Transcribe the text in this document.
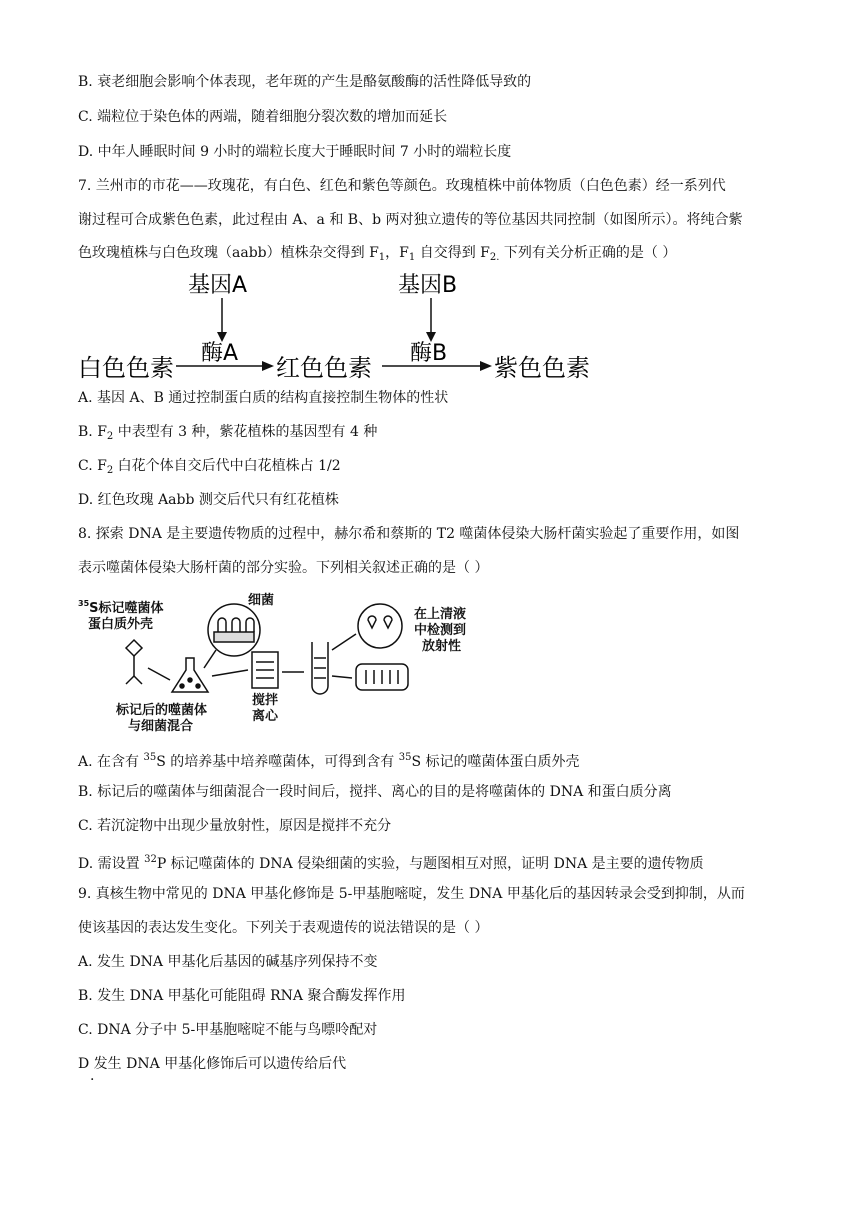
B. 衰老细胞会影响个体表现，老年斑的产生是酪氨酸酶的活性降低导致的
C. 端粒位于染色体的两端，随着细胞分裂次数的增加而延长
D. 中年人睡眠时间 9 小时的端粒长度大于睡眠时间 7 小时的端粒长度
7. 兰州市的市花——玫瑰花，有白色、红色和紫色等颜色。玫瑰植株中前体物质（白色色素）经一系列代
谢过程可合成紫色色素，此过程由 A、a 和 B、b 两对独立遗传的等位基因共同控制（如图所示）。将纯合紫
色玫瑰植株与白色玫瑰（aabb）植株杂交得到 $F_1$，$F_1$ 自交得到 $F_{2.}$ 下列有关分析正确的是（ ）
基因A	基因B
酶A	酶B
白色色素	红色色素	紫色色素
A. 基因 A、B 通过控制蛋白质的结构直接控制生物体的性状
B. $F_2$ 中表型有 3 种，紫花植株的基因型有 4 种
C. $F_2$ 白花个体自交后代中白花植株占 1/2
D. 红色玫瑰 Aabb 测交后代只有红花植株
8. 探索 DNA 是主要遗传物质的过程中，赫尔希和蔡斯的 T2 噬菌体侵染大肠杆菌实验起了重要作用，如图
表示噬菌体侵染大肠杆菌的部分实验。下列相关叙述正确的是（ ）
$^{35}$S标记噬菌体
蛋白质外壳
细菌
标记后的噬菌体
与细菌混合
搅拌
离心
在上清液
中检测到
放射性
A. 在含有 $^{35}$S 的培养基中培养噬菌体，可得到含有 $^{35}$S 标记的噬菌体蛋白质外壳
B. 标记后的噬菌体与细菌混合一段时间后，搅拌、离心的目的是将噬菌体的 DNA 和蛋白质分离
C. 若沉淀物中出现少量放射性，原因是搅拌不充分
D. 需设置 $^{32}$P 标记噬菌体的 DNA 侵染细菌的实验，与题图相互对照，证明 DNA 是主要的遗传物质
9. 真核生物中常见的 DNA 甲基化修饰是 5-甲基胞嘧啶，发生 DNA 甲基化后的基因转录会受到抑制，从而
使该基因的表达发生变化。下列关于表观遗传的说法错误的是（ ）
A. 发生 DNA 甲基化后基因的碱基序列保持不变
B. 发生 DNA 甲基化可能阻碍 RNA 聚合酶发挥作用
C. DNA 分子中 5-甲基胞嘧啶不能与鸟嘌呤配对
D 发生 DNA 甲基化修饰后可以遗传给后代
·
